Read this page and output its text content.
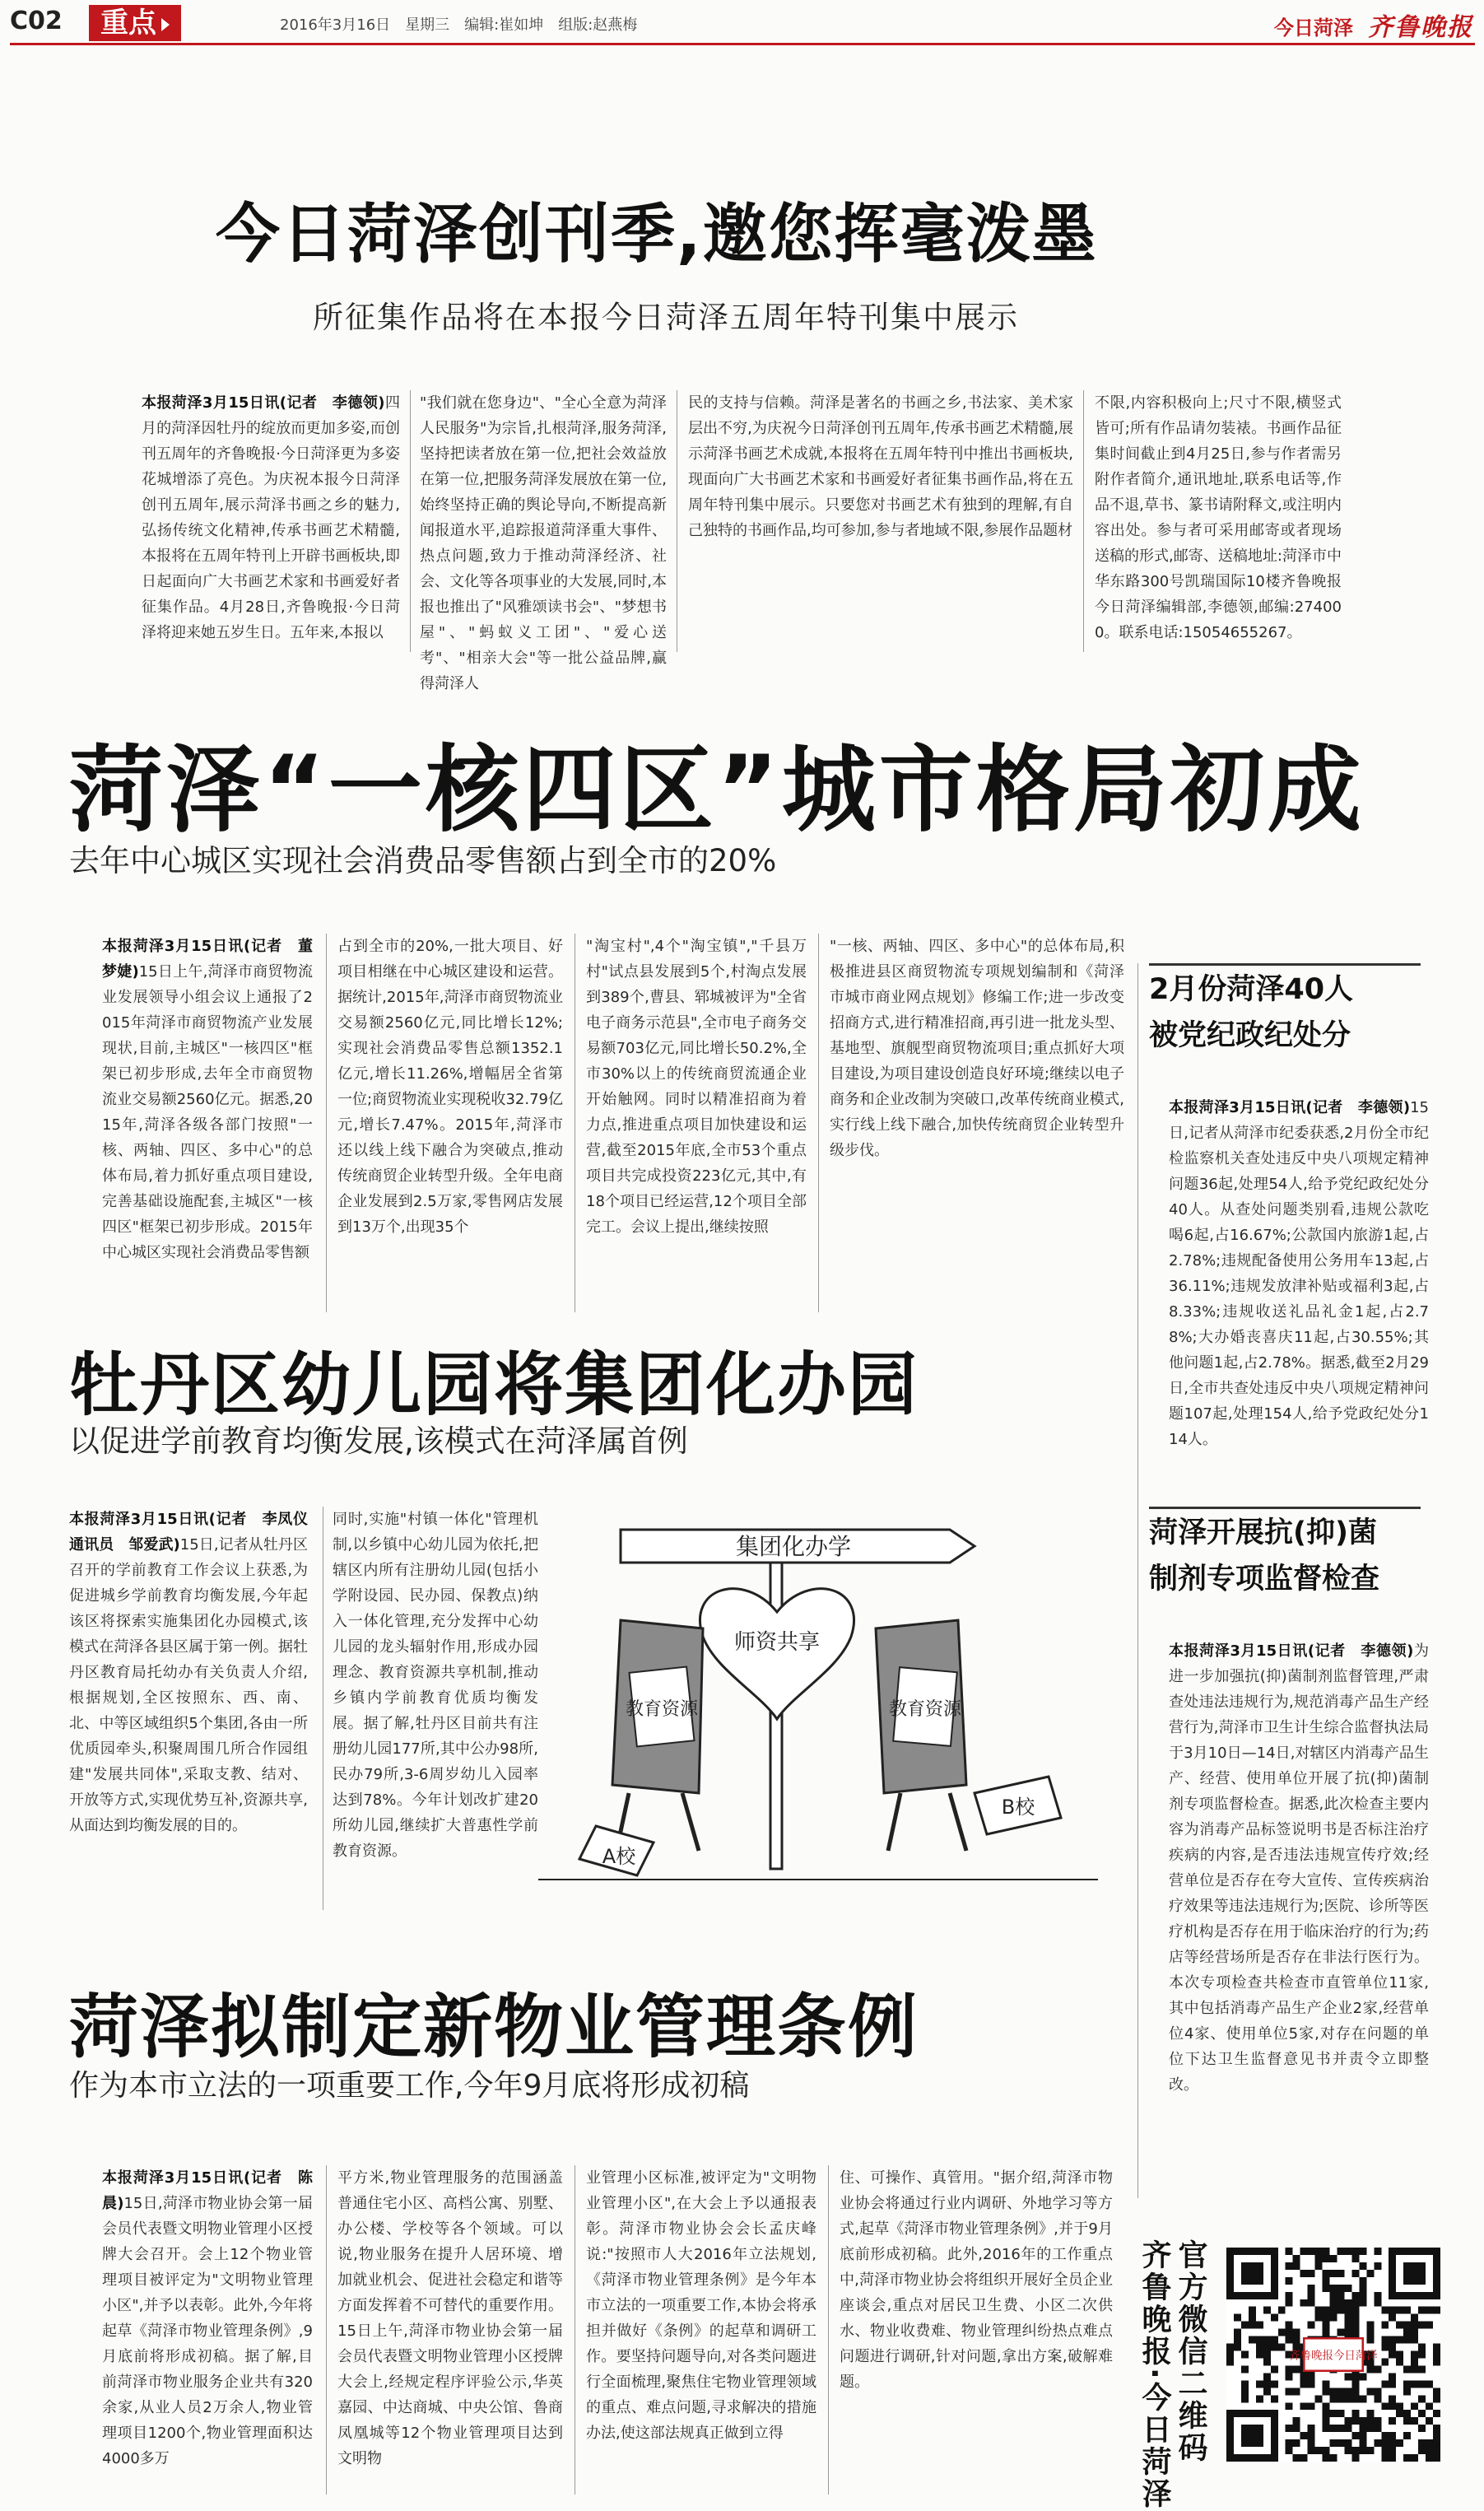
C02	重点	2016年3月16日　星期三　编辑:崔如坤　组版:赵燕梅	今日菏泽 齐鲁晚报
今日菏泽创刊季,邀您挥毫泼墨
所征集作品将在本报今日菏泽五周年特刊集中展示

本报菏泽3月15日讯(记者　李德领)四月的菏泽因牡丹的绽放而更加多姿,而创刊五周年的齐鲁晚报·今日菏泽更为多姿花城增添了亮色。为庆祝本报今日菏泽创刊五周年,展示菏泽书画之乡的魅力,弘扬传统文化精神,传承书画艺术精髓,本报将在五周年特刊上开辟书画板块,即日起面向广大书画艺术家和书画爱好者征集作品。4月28日,齐鲁晚报·今日菏泽将迎来她五岁生日。五年来,本报以

"我们就在您身边"、"全心全意为菏泽人民服务"为宗旨,扎根菏泽,服务菏泽,坚持把读者放在第一位,把社会效益放在第一位,把服务菏泽发展放在第一位,始终坚持正确的舆论导向,不断提高新闻报道水平,追踪报道菏泽重大事件、热点问题,致力于推动菏泽经济、社会、文化等各项事业的大发展,同时,本报也推出了"风雅颂读书会"、"梦想书屋"、"蚂蚁义工团"、"爱心送考"、"相亲大会"等一批公益品牌,赢得菏泽人

民的支持与信赖。菏泽是著名的书画之乡,书法家、美术家层出不穷,为庆祝今日菏泽创刊五周年,传承书画艺术精髓,展示菏泽书画艺术成就,本报将在五周年特刊中推出书画板块,现面向广大书画艺术家和书画爱好者征集书画作品,将在五周年特刊集中展示。只要您对书画艺术有独到的理解,有自己独特的书画作品,均可参加,参与者地域不限,参展作品题材

不限,内容积极向上;尺寸不限,横竖式皆可;所有作品请勿装裱。书画作品征集时间截止到4月25日,参与作者需另附作者简介,通讯地址,联系电话等,作品不退,草书、篆书请附释文,或注明内容出处。参与者可采用邮寄或者现场送稿的形式,邮寄、送稿地址:菏泽市中华东路300号凯瑞国际10楼齐鲁晚报今日菏泽编辑部,李德领,邮编:274000。联系电话:15054655267。

菏泽“一核四区”城市格局初成
去年中心城区实现社会消费品零售额占到全市的20%

本报菏泽3月15日讯(记者　董梦婕)15日上午,菏泽市商贸物流业发展领导小组会议上通报了2015年菏泽市商贸物流产业发展现状,目前,主城区"一核四区"框架已初步形成,去年全市商贸物流业交易额2560亿元。据悉,2015年,菏泽各级各部门按照"一核、两轴、四区、多中心"的总体布局,着力抓好重点项目建设,完善基础设施配套,主城区"一核四区"框架已初步形成。2015年中心城区实现社会消费品零售额

占到全市的20%,一批大项目、好项目相继在中心城区建设和运营。据统计,2015年,菏泽市商贸物流业交易额2560亿元,同比增长12%;实现社会消费品零售总额1352.1亿元,增长11.26%,增幅居全省第一位;商贸物流业实现税收32.79亿元,增长7.47%。2015年,菏泽市还以线上线下融合为突破点,推动传统商贸企业转型升级。全年电商企业发展到2.5万家,零售网店发展到13万个,出现35个

"淘宝村",4个"淘宝镇","千县万村"试点县发展到5个,村淘点发展到389个,曹县、郓城被评为"全省电子商务示范县",全市电子商务交易额703亿元,同比增长50.2%,全市30%以上的传统商贸流通企业开始触网。同时以精准招商为着力点,推进重点项目加快建设和运营,截至2015年底,全市53个重点项目共完成投资223亿元,其中,有18个项目已经运营,12个项目全部完工。会议上提出,继续按照

"一核、两轴、四区、多中心"的总体布局,积极推进县区商贸物流专项规划编制和《菏泽市城市商业网点规划》修编工作;进一步改变招商方式,进行精准招商,再引进一批龙头型、基地型、旗舰型商贸物流项目;重点抓好大项目建设,为项目建设创造良好环境;继续以电子商务和企业改制为突破口,改革传统商业模式,实行线上线下融合,加快传统商贸企业转型升级步伐。

2月份菏泽40人
被党纪政纪处分

本报菏泽3月15日讯(记者　李德领)15日,记者从菏泽市纪委获悉,2月份全市纪检监察机关查处违反中央八项规定精神问题36起,处理54人,给予党纪政纪处分40人。从查处问题类别看,违规公款吃喝6起,占16.67%;公款国内旅游1起,占2.78%;违规配备使用公务用车13起,占36.11%;违规发放津补贴或福利3起,占8.33%;违规收送礼品礼金1起,占2.78%;大办婚丧喜庆11起,占30.55%;其他问题1起,占2.78%。据悉,截至2月29日,全市共查处违反中央八项规定精神问题107起,处理154人,给予党政纪处分114人。

菏泽开展抗(抑)菌
制剂专项监督检查

本报菏泽3月15日讯(记者　李德领)为进一步加强抗(抑)菌制剂监督管理,严肃查处违法违规行为,规范消毒产品生产经营行为,菏泽市卫生计生综合监督执法局于3月10日—14日,对辖区内消毒产品生产、经营、使用单位开展了抗(抑)菌制剂专项监督检查。据悉,此次检查主要内容为消毒产品标签说明书是否标注治疗疾病的内容,是否违法违规宣传疗效;经营单位是否存在夸大宣传、宣传疾病治疗效果等违法违规行为;医院、诊所等医疗机构是否存在用于临床治疗的行为;药店等经营场所是否存在非法行医行为。本次专项检查共检查市直管单位11家,其中包括消毒产品生产企业2家,经营单位4家、使用单位5家,对存在问题的单位下达卫生监督意见书并责令立即整改。

牡丹区幼儿园将集团化办园
以促进学前教育均衡发展,该模式在菏泽属首例

本报菏泽3月15日讯(记者　李凤仪　通讯员　邹爱武)15日,记者从牡丹区召开的学前教育工作会议上获悉,为促进城乡学前教育均衡发展,今年起该区将探索实施集团化办园模式,该模式在菏泽各县区属于第一例。据牡丹区教育局托幼办有关负责人介绍,根据规划,全区按照东、西、南、北、中等区域组织5个集团,各由一所优质园牵头,积聚周围几所合作园组建"发展共同体",采取支教、结对、开放等方式,实现优势互补,资源共享,从面达到均衡发展的目的。

同时,实施"村镇一体化"管理机制,以乡镇中心幼儿园为依托,把辖区内所有注册幼儿园(包括小学附设园、民办园、保教点)纳入一体化管理,充分发挥中心幼儿园的龙头辐射作用,形成办园理念、教育资源共享机制,推动乡镇内学前教育优质均衡发展。据了解,牡丹区目前共有注册幼儿园177所,其中公办98所,民办79所,3-6周岁幼儿入园率达到78%。今年计划改扩建20所幼儿园,继续扩大普惠性学前教育资源。

集团化办学
师资共享
教育资源
A校
教育资源
B校
菏泽拟制定新物业管理条例
作为本市立法的一项重要工作,今年9月底将形成初稿

本报菏泽3月15日讯(记者　陈晨)15日,菏泽市物业协会第一届会员代表暨文明物业管理小区授牌大会召开。会上12个物业管理项目被评定为"文明物业管理小区",并予以表彰。此外,今年将起草《菏泽市物业管理条例》,9月底前将形成初稿。据了解,目前菏泽市物业服务企业共有320余家,从业人员2万余人,物业管理项目1200个,物业管理面积达4000多万

平方米,物业管理服务的范围涵盖普通住宅小区、高档公寓、别墅、办公楼、学校等各个领域。可以说,物业服务在提升人居环境、增加就业机会、促进社会稳定和谐等方面发挥着不可替代的重要作用。15日上午,菏泽市物业协会第一届会员代表暨文明物业管理小区授牌大会上,经规定程序评验公示,华英嘉园、中达商城、中央公馆、鲁商凤凰城等12个物业管理项目达到文明物

业管理小区标准,被评定为"文明物业管理小区",在大会上予以通报表彰。菏泽市物业协会会长孟庆峰说:"按照市人大2016年立法规划,《菏泽市物业管理条例》是今年本市立法的一项重要工作,本协会将承担并做好《条例》的起草和调研工作。要坚持问题导向,对各类问题进行全面梳理,聚焦住宅物业管理领域的重点、难点问题,寻求解决的措施办法,使这部法规真正做到立得

住、可操作、真管用。"据介绍,菏泽市物业协会将通过行业内调研、外地学习等方式,起草《菏泽市物业管理条例》,并于9月底前形成初稿。此外,2016年的工作重点中,菏泽市物业协会将组织开展好全员企业座谈会,重点对居民卫生费、小区二次供水、物业收费难、物业管理纠纷热点难点问题进行调研,针对问题,拿出方案,破解难题。	官方微信二维码
齐鲁晚报·今日菏泽	齐鲁晚报今日菏泽
